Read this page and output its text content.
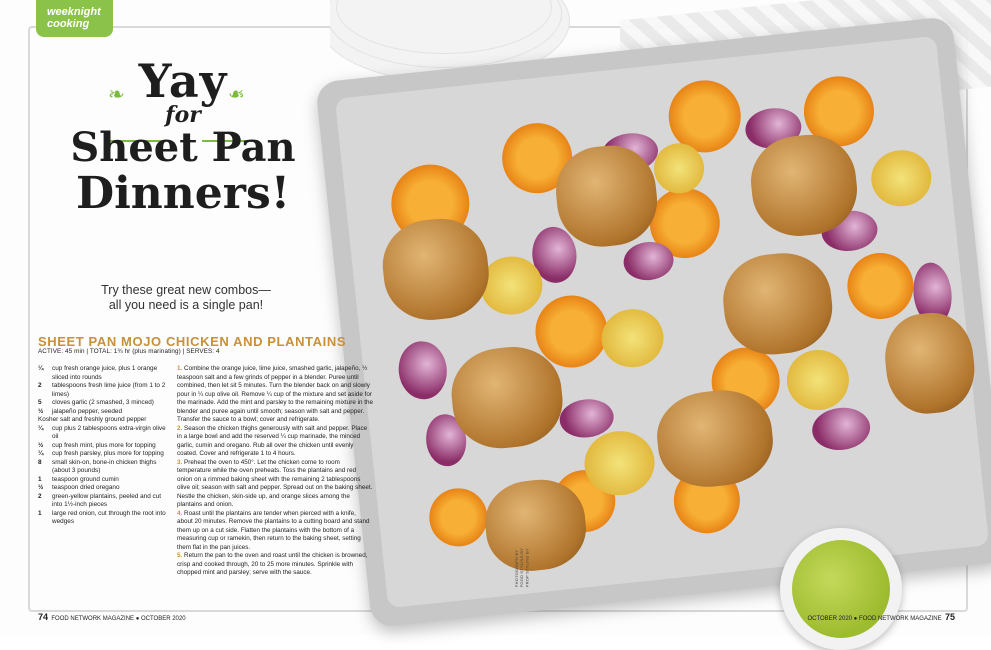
PHOTOGRAPH BY FOOD STYLING BY PROP STYLING BY
weeknight
cooking
❧	❧
Yay
for
Sheet Pan
Dinners!
Try these great new combos—
all you need is a single pan!
SHEET PAN MOJO CHICKEN AND PLANTAINS
ACTIVE: 45 min | TOTAL: 1¾ hr (plus marinating) | SERVES: 4
¼	cup fresh orange juice, plus 1 orange sliced into rounds
2	tablespoons fresh lime juice (from 1 to 2 limes)
5	cloves garlic (2 smashed, 3 minced)
½	jalapeño pepper, seeded
Kosher salt and freshly ground pepper
¼	cup plus 2 tablespoons extra-virgin olive oil
½	cup fresh mint, plus more for topping
¼	cup fresh parsley, plus more for topping
8	small skin-on, bone-in chicken thighs (about 3 pounds)
1	teaspoon ground cumin
½	teaspoon dried oregano
2	green-yellow plantains, peeled and cut into 1½-inch pieces
1	large red onion, cut through the root into wedges

1. Combine the orange juice, lime juice, smashed garlic, jalapeño, ½ teaspoon salt and a few grinds of pepper in a blender. Puree until combined, then let sit 5 minutes. Turn the blender back on and slowly pour in ¼ cup olive oil. Remove ¼ cup of the mixture and set aside for the marinade. Add the mint and parsley to the remaining mixture in the blender and puree again until smooth; season with salt and pepper. Transfer the sauce to a bowl; cover and refrigerate.

2. Season the chicken thighs generously with salt and pepper. Place in a large bowl and add the reserved ¼ cup marinade, the minced garlic, cumin and oregano. Rub all over the chicken until evenly coated. Cover and refrigerate 1 to 4 hours.

3. Preheat the oven to 450°. Let the chicken come to room temperature while the oven preheats. Toss the plantains and red onion on a rimmed baking sheet with the remaining 2 tablespoons olive oil; season with salt and pepper. Spread out on the baking sheet. Nestle the chicken, skin-side up, and orange slices among the plantains and onion.

4. Roast until the plantains are tender when pierced with a knife, about 20 minutes. Remove the plantains to a cutting board and stand them up on a cut side. Flatten the plantains with the bottom of a measuring cup or ramekin, then return to the baking sheet, setting them flat in the pan juices.

5. Return the pan to the oven and roast until the chicken is browned, crisp and cooked through, 20 to 25 more minutes. Sprinkle with chopped mint and parsley; serve with the sauce.

74 FOOD NETWORK MAGAZINE ● OCTOBER 2020	OCTOBER 2020 ● FOOD NETWORK MAGAZINE 75
